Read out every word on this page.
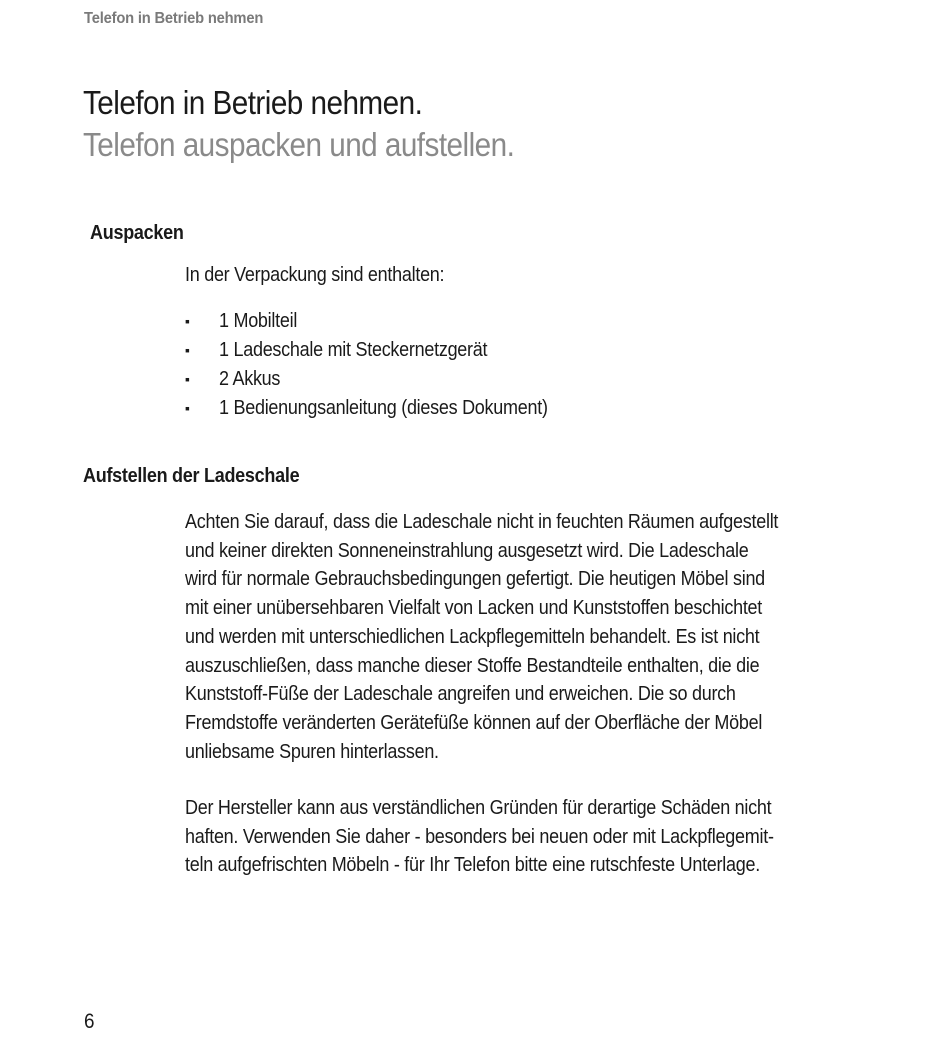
Telefon in Betrieb nehmen
Telefon in Betrieb nehmen.
Telefon auspacken und aufstellen.
Auspacken
In der Verpackung sind enthalten:
▪	1 Mobilteil
▪	1 Ladeschale mit Steckernetzgerät
▪	2 Akkus
▪	1 Bedienungsanleitung (dieses Dokument)
Aufstellen der Ladeschale

Achten Sie darauf, dass die Ladeschale nicht in feuchten Räumen aufgestellt
und keiner direkten Sonneneinstrahlung ausgesetzt wird. Die Ladeschale
wird für normale Gebrauchsbedingungen gefertigt. Die heutigen Möbel sind
mit einer unübersehbaren Vielfalt von Lacken und Kunststoffen beschichtet
und werden mit unterschiedlichen Lackpflegemitteln behandelt. Es ist nicht
auszuschließen, dass manche dieser Stoffe Bestandteile enthalten, die die
Kunststoff-Füße der Ladeschale angreifen und erweichen. Die so durch
Fremdstoffe veränderten Gerätefüße können auf der Oberfläche der Möbel
unliebsame Spuren hinterlassen.

Der Hersteller kann aus verständlichen Gründen für derartige Schäden nicht
haften. Verwenden Sie daher - besonders bei neuen oder mit Lackpflegemit-
teln aufgefrischten Möbeln - für Ihr Telefon bitte eine rutschfeste Unterlage.

6
